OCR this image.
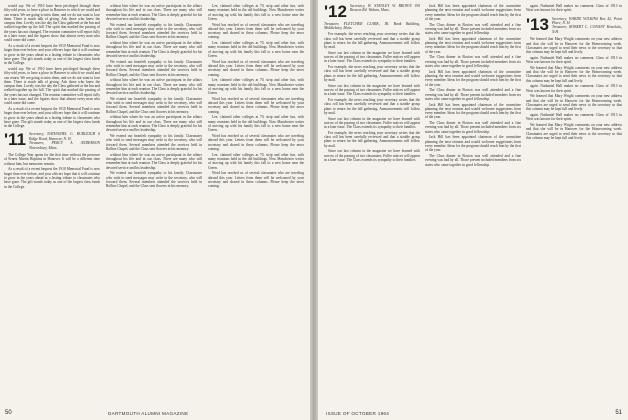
would say. We of 1910 have been privileged through these fifty-odd years, to have a place in Hanover to which we could and can return. We are going to miss them, and we do not want to lose them. There is much talk of giving. Ask those who knew the campus then. Lovely was the day the Class gathered at the Inn and walked together up the hill. The spirit that marked the passing of the years has not changed. The reunion committee will report fully in a later issue, and the figures show that almost every man who could come did come.

As a result of a recent bequest the 1910 Memorial Fund is now larger than ever before, and your officers hope that it will continue to grow in the years ahead as a lasting tribute to classmates who have gone. The gift stands today as one of the largest class funds in the College.

would say. We of 1910 have been privileged through these fifty-odd years, to have a place in Hanover to which we could and can return. We are going to miss them, and we do not want to lose them. There is much talk of giving. Ask those who knew the campus then. Lovely was the day the Class gathered at the Inn and walked together up the hill. The spirit that marked the passing of the years has not changed. The reunion committee will report fully in a later issue, and the figures show that almost every man who could come did come.

As a result of a recent bequest the 1910 Memorial Fund is now larger than ever before, and your officers hope that it will continue to grow in the years ahead as a lasting tribute to classmates who have gone. The gift stands today as one of the largest class funds in the College.

'11 Secretary, NATHANIEL G. BURLEIGH 6 Ridge Road, Hanover, N. H.
Treasurer, PERCY A. ANDERSON Shrewsbury, Mass.

The College Year opens for the first time without the presence of Ernest Martin Hopkins in Hanover. It will be a different time without him, but memories remain.

As a result of a recent bequest the 1910 Memorial Fund is now larger than ever before, and your officers hope that it will continue to grow in the years ahead as a lasting tribute to classmates who have gone. The gift stands today as one of the largest class funds in the College.

without him where he was an active participant in the affairs throughout his life and in our class. There are many who still remember him at each reunion. The Class is deeply grateful for his devoted service and his leadership.

We extend our heartfelt sympathy to his family. Classmates who wish to send messages may write to the secretary, who will forward them. Several members attended the services held in Rollins Chapel, and the Class sent flowers in his memory.

without him where he was an active participant in the affairs throughout his life and in our class. There are many who still remember him at each reunion. The Class is deeply grateful for his devoted service and his leadership.

We extend our heartfelt sympathy to his family. Classmates who wish to send messages may write to the secretary, who will forward them. Several members attended the services held in Rollins Chapel, and the Class sent flowers in his memory.

without him where he was an active participant in the affairs throughout his life and in our class. There are many who still remember him at each reunion. The Class is deeply grateful for his devoted service and his leadership.

We extend our heartfelt sympathy to his family. Classmates who wish to send messages may write to the secretary, who will forward them. Several members attended the services held in Rollins Chapel, and the Class sent flowers in his memory.

without him where he was an active participant in the affairs throughout his life and in our class. There are many who still remember him at each reunion. The Class is deeply grateful for his devoted service and his leadership.

We extend our heartfelt sympathy to his family. Classmates who wish to send messages may write to the secretary, who will forward them. Several members attended the services held in Rollins Chapel, and the Class sent flowers in his memory.

without him where he was an active participant in the affairs throughout his life and in our class. There are many who still remember him at each reunion. The Class is deeply grateful for his devoted service and his leadership.

We extend our heartfelt sympathy to his family. Classmates who wish to send messages may write to the secretary, who will forward them. Several members attended the services held in Rollins Chapel, and the Class sent flowers in his memory.

Lee, claimed other colleges at 70, strip and other fun, with many reunions held in the old buildings. Now Manchester writes of moving up with his family this fall to a new home near the Green.

Word has reached us of several classmates who are traveling abroad this year. Letters from them will be welcomed by your secretary and shared in these columns. Please keep the news coming.

Lee, claimed other colleges at 70, strip and other fun, with many reunions held in the old buildings. Now Manchester writes of moving up with his family this fall to a new home near the Green.

Word has reached us of several classmates who are traveling abroad this year. Letters from them will be welcomed by your secretary and shared in these columns. Please keep the news coming.

Lee, claimed other colleges at 70, strip and other fun, with many reunions held in the old buildings. Now Manchester writes of moving up with his family this fall to a new home near the Green.

Word has reached us of several classmates who are traveling abroad this year. Letters from them will be welcomed by your secretary and shared in these columns. Please keep the news coming.

Lee, claimed other colleges at 70, strip and other fun, with many reunions held in the old buildings. Now Manchester writes of moving up with his family this fall to a new home near the Green.

Word has reached us of several classmates who are traveling abroad this year. Letters from them will be welcomed by your secretary and shared in these columns. Please keep the news coming.

Lee, claimed other colleges at 70, strip and other fun, with many reunions held in the old buildings. Now Manchester writes of moving up with his family this fall to a new home near the Green.

Word has reached us of several classmates who are traveling abroad this year. Letters from them will be welcomed by your secretary and shared in these columns. Please keep the news coming.

50	DARTMOUTH ALUMNI MAGAZINE
'12 Secretary, W. STANLEY W. BROWN 190 Beacon Rd. Waban, Mass.

Treasurer, FLETCHER CLARK, JR. Bank Building, Middlebury, Mass.

For example, the news reaching your secretary writes that the class roll has been carefully reviewed and that a sizable group plans to return for the fall gathering. Announcements will follow by mail.

Since our last column in the magazine we have learned with sorrow of the passing of two classmates. Fuller notices will appear in a later issue. The Class extends its sympathy to their families.

For example, the news reaching your secretary writes that the class roll has been carefully reviewed and that a sizable group plans to return for the fall gathering. Announcements will follow by mail.

Since our last column in the magazine we have learned with sorrow of the passing of two classmates. Fuller notices will appear in a later issue. The Class extends its sympathy to their families.

For example, the news reaching your secretary writes that the class roll has been carefully reviewed and that a sizable group plans to return for the fall gathering. Announcements will follow by mail.

Since our last column in the magazine we have learned with sorrow of the passing of two classmates. Fuller notices will appear in a later issue. The Class extends its sympathy to their families.

For example, the news reaching your secretary writes that the class roll has been carefully reviewed and that a sizable group plans to return for the fall gathering. Announcements will follow by mail.

Since our last column in the magazine we have learned with sorrow of the passing of two classmates. Fuller notices will appear in a later issue. The Class extends its sympathy to their families.

Jack Hill has been appointed chairman of the committee planning the next reunion and would welcome suggestions from every member. Ideas for the program should reach him by the first of the year.

The Class dinner in Boston was well attended and a fine evening was had by all. Those present included members from six states who came together in good fellowship.

Jack Hill has been appointed chairman of the committee planning the next reunion and would welcome suggestions from every member. Ideas for the program should reach him by the first of the year.

The Class dinner in Boston was well attended and a fine evening was had by all. Those present included members from six states who came together in good fellowship.

Jack Hill has been appointed chairman of the committee planning the next reunion and would welcome suggestions from every member. Ideas for the program should reach him by the first of the year.

The Class dinner in Boston was well attended and a fine evening was had by all. Those present included members from six states who came together in good fellowship.

Jack Hill has been appointed chairman of the committee planning the next reunion and would welcome suggestions from every member. Ideas for the program should reach him by the first of the year.

The Class dinner in Boston was well attended and a fine evening was had by all. Those present included members from six states who came together in good fellowship.

Jack Hill has been appointed chairman of the committee planning the next reunion and would welcome suggestions from every member. Ideas for the program should reach him by the first of the year.

The Class dinner in Boston was well attended and a fine evening was had by all. Those present included members from six states who came together in good fellowship.

again. Nathaniel Hall makes no comment. Class of 1913 in West was known for their spirit.

'13 Secretary, WARDE WILKINS Box 42, Point Place, N. H.
Treasurer, ROBERT L. CONANT Honolulu, N.H.

We learned that Mary Wright comments on your new address and that she will be in Hanover for the Homecoming week. Classmates are urged to send their news to the secretary so that this column may be kept full and lively.

again. Nathaniel Hall makes no comment. Class of 1913 in West was known for their spirit.

We learned that Mary Wright comments on your new address and that she will be in Hanover for the Homecoming week. Classmates are urged to send their news to the secretary so that this column may be kept full and lively.

again. Nathaniel Hall makes no comment. Class of 1913 in West was known for their spirit.

We learned that Mary Wright comments on your new address and that she will be in Hanover for the Homecoming week. Classmates are urged to send their news to the secretary so that this column may be kept full and lively.

again. Nathaniel Hall makes no comment. Class of 1913 in West was known for their spirit.

We learned that Mary Wright comments on your new address and that she will be in Hanover for the Homecoming week. Classmates are urged to send their news to the secretary so that this column may be kept full and lively.

ISSUE OF OCTOBER 1964	51
